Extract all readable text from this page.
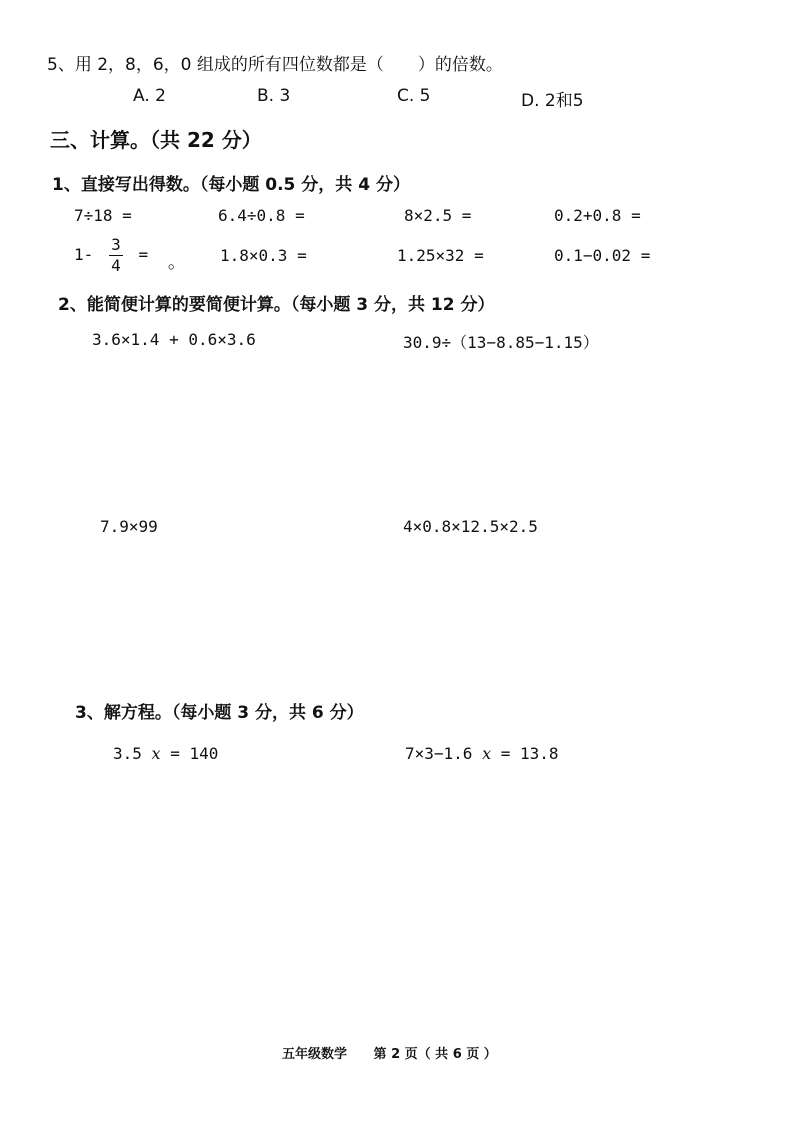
5、用 2，8，6，0 组成的所有四位数都是（　　）的倍数。
A. 2	B. 3	C. 5	D. 2和5
三、计算。（共 22 分）
1、直接写出得数。（每小题 0.5 分，共 4 分）
7÷18 =	6.4÷0.8 =	8×2.5 =	0.2+0.8 =
$1- \frac{3}{4}$ = 。 1.8×0.3 =	1.25×32 =	0.1−0.02 =
2、能简便计算的要简便计算。（每小题 3 分，共 12 分）
3.6×1.4 + 0.6×3.6	30.9÷（13−8.85−1.15）
7.9×99	4×0.8×12.5×2.5
3、解方程。（每小题 3 分，共 6 分）
3.5 x = 140	7×3−1.6 x = 13.8
五年级数学 第 2 页（ 共 6 页 ）
